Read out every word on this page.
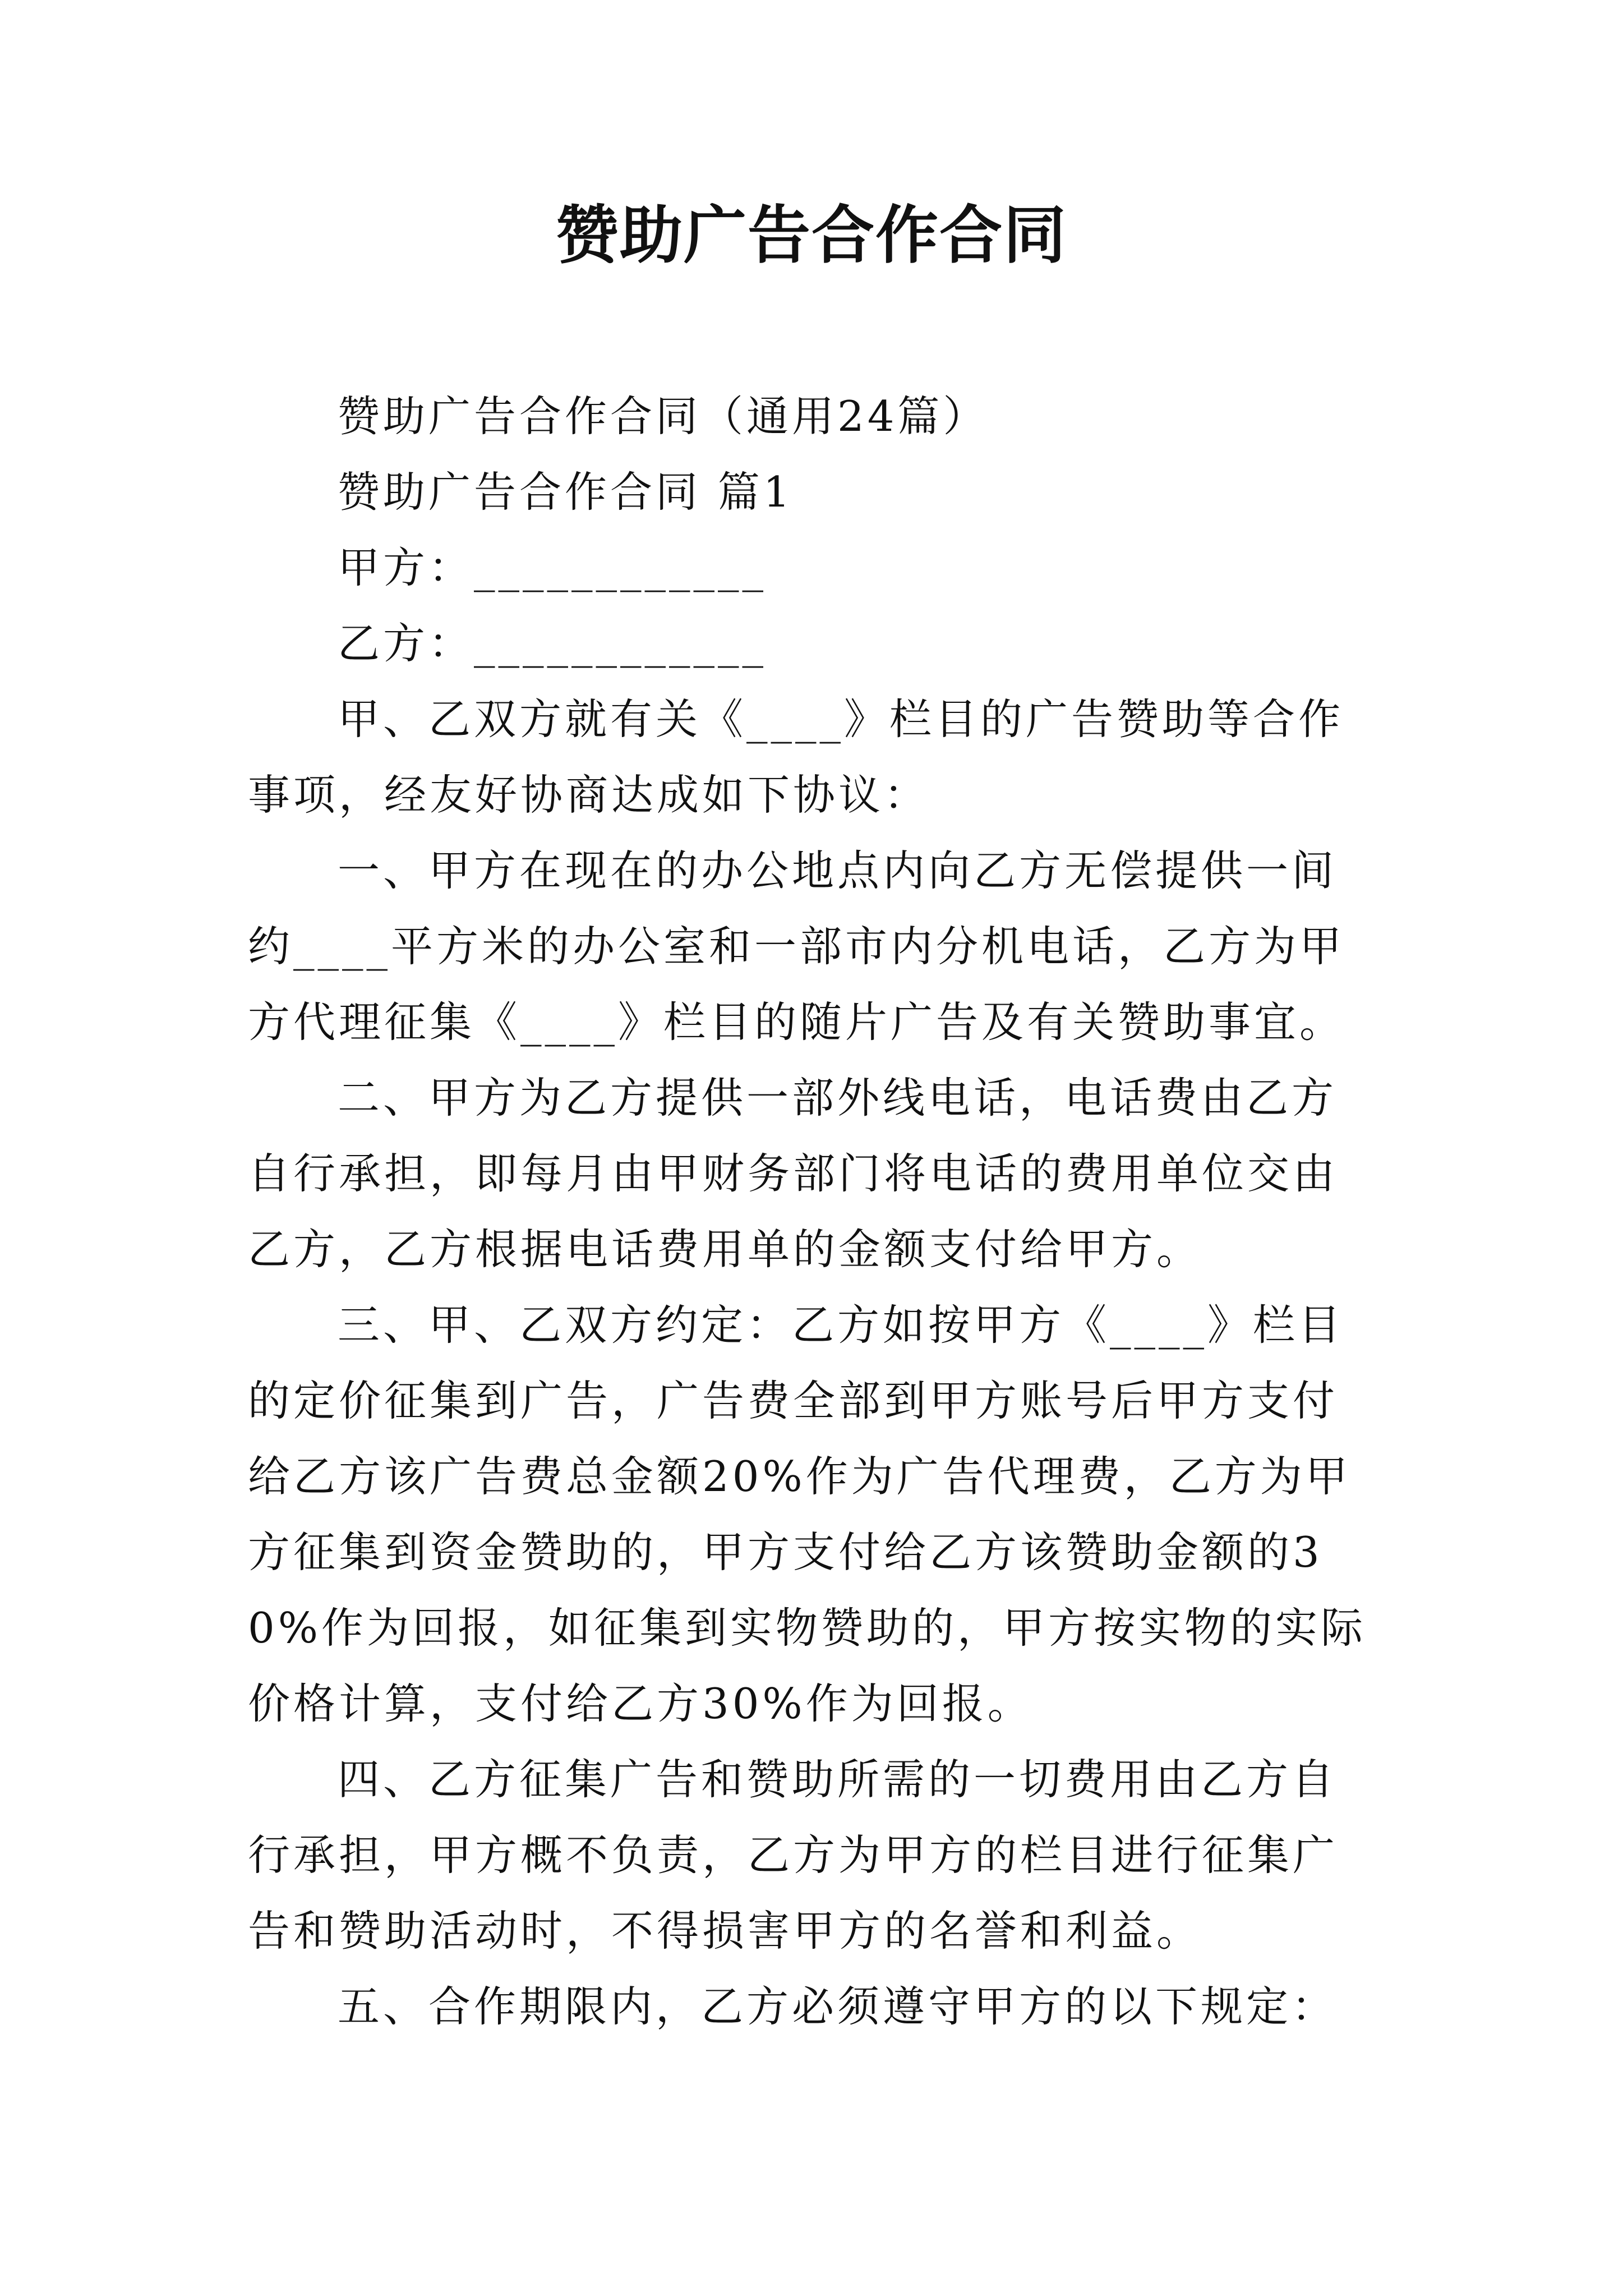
赞助广告合作合同

赞助广告合作合同（通用24篇）

赞助广告合作合同 篇1

甲方：____________

乙方：____________

甲、乙双方就有关《____》栏目的广告赞助等合作事项，经友好协商达成如下协议：

一、甲方在现在的办公地点内向乙方无偿提供一间约____平方米的办公室和一部市内分机电话，乙方为甲方代理征集《____》栏目的随片广告及有关赞助事宜。

二、甲方为乙方提供一部外线电话，电话费由乙方自行承担，即每月由甲财务部门将电话的费用单位交由乙方，乙方根据电话费用单的金额支付给甲方。

三、甲、乙双方约定：乙方如按甲方《____》栏目的定价征集到广告，广告费全部到甲方账号后甲方支付给乙方该广告费总金额20%作为广告代理费，乙方为甲方征集到资金赞助的，甲方支付给乙方该赞助金额的30%作为回报，如征集到实物赞助的，甲方按实物的实际价格计算，支付给乙方30%作为回报。

四、乙方征集广告和赞助所需的一切费用由乙方自行承担，甲方概不负责，乙方为甲方的栏目进行征集广告和赞助活动时，不得损害甲方的名誉和利益。

五、合作期限内，乙方必须遵守甲方的以下规定：
